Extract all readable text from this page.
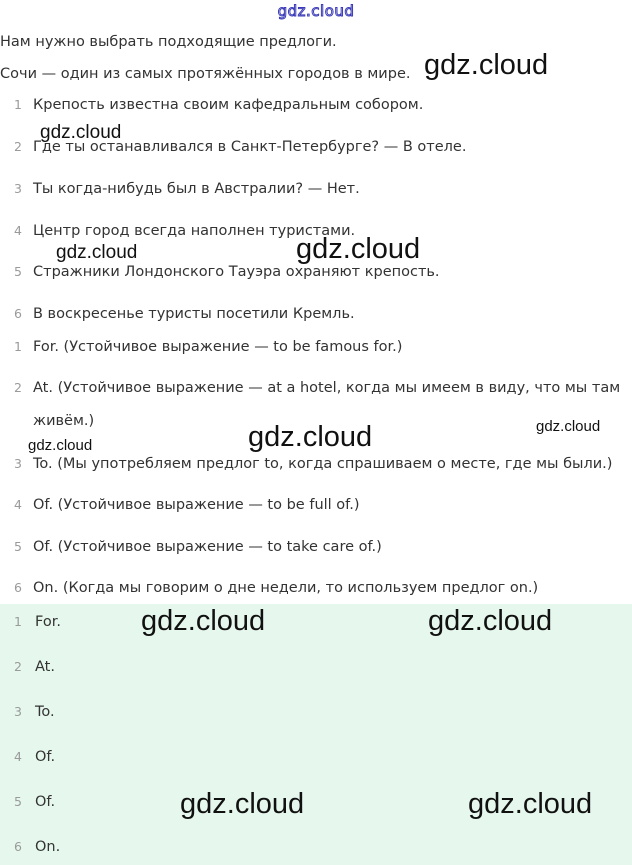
gdz.cloud
Нам нужно выбрать подходящие предлоги.
Сочи — один из самых протяжённых городов в мире.
1 Крепость известна своим кафедральным собором.
2 Где ты останавливался в Санкт-Петербурге? — В отеле.
3 Ты когда-нибудь был в Австралии? — Нет.
4 Центр город всегда наполнен туристами.
5 Стражники Лондонского Тауэра охраняют крепость.
6 В воскресенье туристы посетили Кремль.
1 For. (Устойчивое выражение — to be famous for.)
2 At. (Устойчивое выражение — at a hotel, когда мы имеем в виду, что мы там
живём.)
3 To. (Мы употребляем предлог to, когда спрашиваем о месте, где мы были.)
4 Of. (Устойчивое выражение — to be full of.)
5 Of. (Устойчивое выражение — to take care of.)
6 On. (Когда мы говорим о дне недели, то используем предлог on.)
1 For.
2 At.
3 To.
4 Of.
5 Of.
6 On.
gdz.cloud
gdz.cloud
gdz.cloud	gdz.cloud
gdz.cloud
gdz.cloud
gdz.cloud
gdz.cloud	gdz.cloud
gdz.cloud	gdz.cloud
